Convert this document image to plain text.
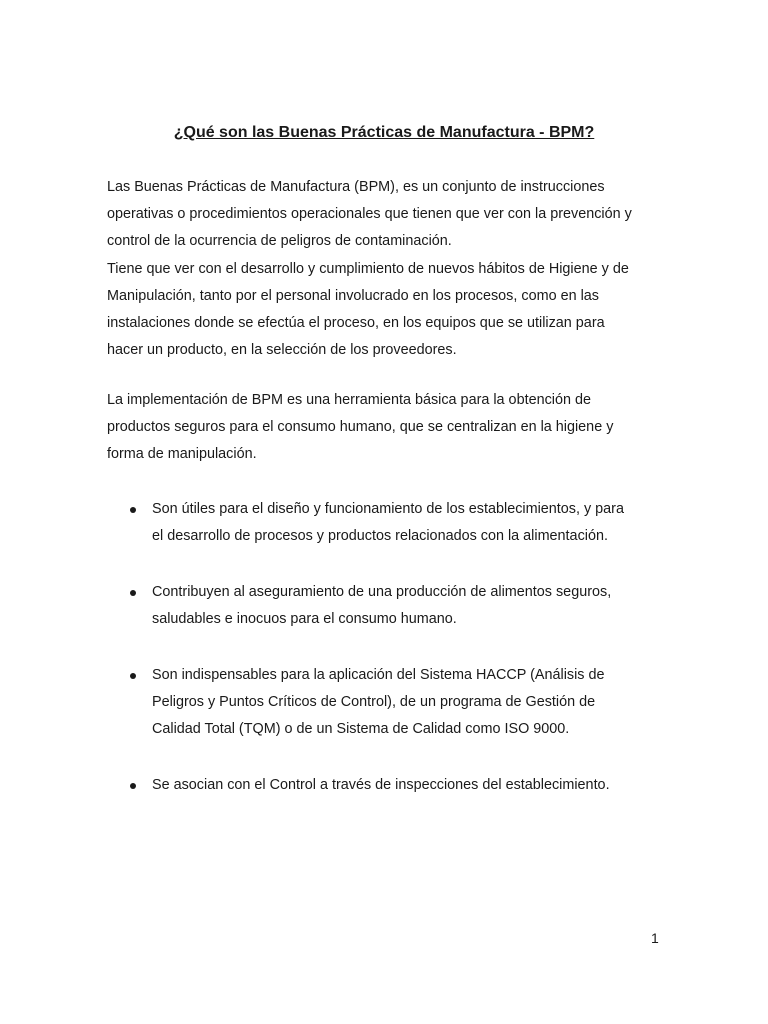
¿Qué son las Buenas Prácticas de Manufactura - BPM?
Las Buenas Prácticas de Manufactura (BPM), es un conjunto de instrucciones
operativas o procedimientos operacionales que tienen que ver con la prevención y
control de la ocurrencia de peligros de contaminación.
Tiene que ver con el desarrollo y cumplimiento de nuevos hábitos de Higiene y de
Manipulación, tanto por el personal involucrado en los procesos, como en las
instalaciones donde se efectúa el proceso, en los equipos que se utilizan para
hacer un producto, en la selección de los proveedores.
La implementación de BPM es una herramienta básica para la obtención de
productos seguros para el consumo humano, que se centralizan en la higiene y
forma de manipulación.
Son útiles para el diseño y funcionamiento de los establecimientos, y para
el desarrollo de procesos y productos relacionados con la alimentación.
Contribuyen al aseguramiento de una producción de alimentos seguros,
saludables e inocuos para el consumo humano.
Son indispensables para la aplicación del Sistema HACCP (Análisis de
Peligros y Puntos Críticos de Control), de un programa de Gestión de
Calidad Total (TQM) o de un Sistema de Calidad como ISO 9000.
Se asocian con el Control a través de inspecciones del establecimiento.
1
